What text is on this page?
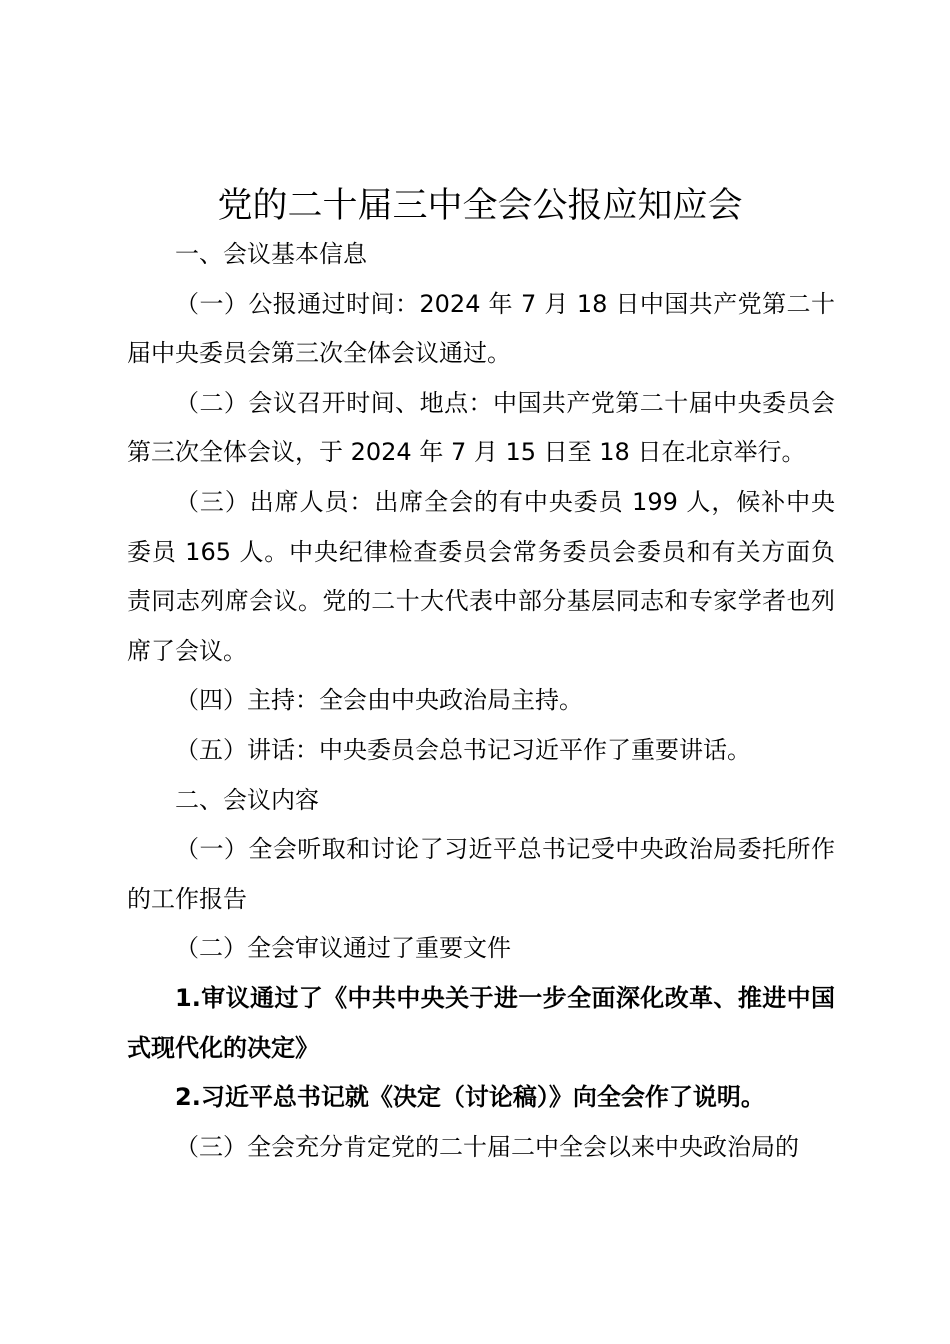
党的二十届三中全会公报应知应会

一、会议基本信息

（一）公报通过时间：2024 年 7 月 18 日中国共产党第二十届中央委员会第三次全体会议通过。

（二）会议召开时间、地点：中国共产党第二十届中央委员会第三次全体会议，于 2024 年 7 月 15 日至 18 日在北京举行。

（三）出席人员：出席全会的有中央委员 199 人，候补中央委员 165 人。中央纪律检查委员会常务委员会委员和有关方面负责同志列席会议。党的二十大代表中部分基层同志和专家学者也列席了会议。

（四）主持：全会由中央政治局主持。

（五）讲话：中央委员会总书记习近平作了重要讲话。

二、会议内容

（一）全会听取和讨论了习近平总书记受中央政治局委托所作的工作报告

（二）全会审议通过了重要文件

1.审议通过了《中共中央关于进一步全面深化改革、推进中国式现代化的决定》

2.习近平总书记就《决定（讨论稿）》向全会作了说明。

（三）全会充分肯定党的二十届二中全会以来中央政治局的
